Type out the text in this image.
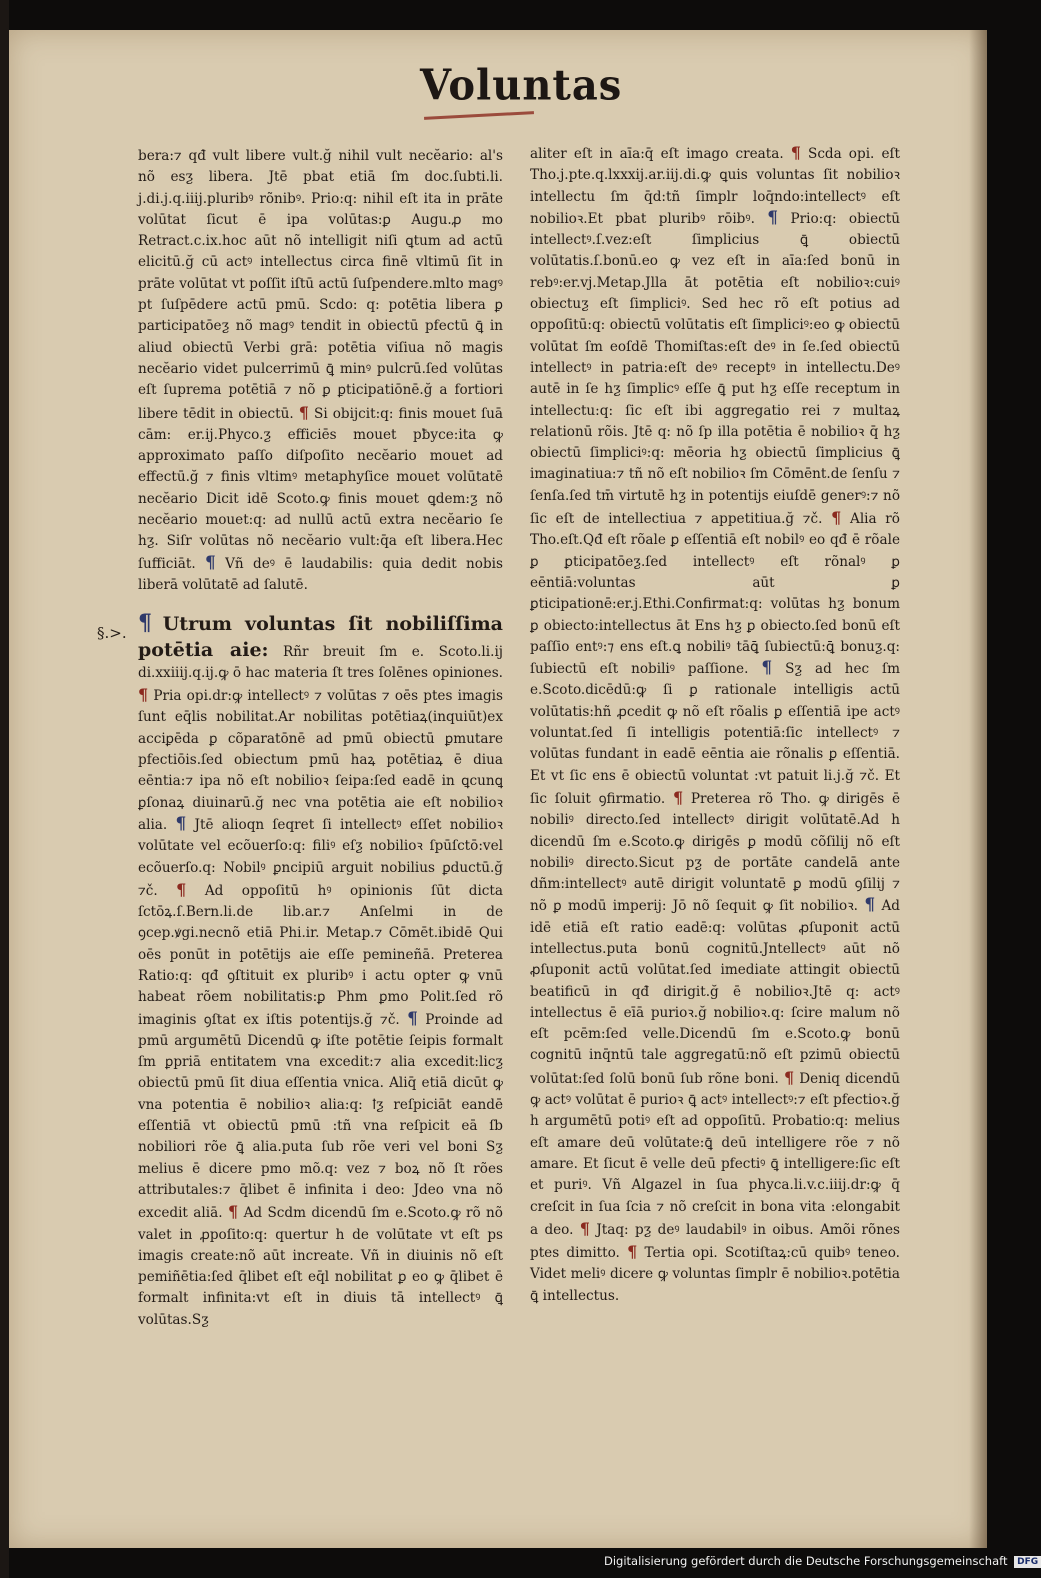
Voluntas
§.>.

bera:⁊ qđ vult libere vult.ğ nihil vult necĕario: al's nõ esƺ libera. Jtē pbat etiā ſm doc.ſubti.li. j.di.j.q.iiij.pluribꝰ rõnibꝰ. Prio:q: nihil eſt ita in prāte volūtat ſicut ē ipa volūtas:ꝑ Augu.ꝓ mo Retract.c.ix.hoc aūt nõ intelligit niſi ꝗtum ad actū elicitū.ğ cū actꝰ intellectus circa finē vltimū ſit in prāte volūtat vt poſſit iſtū actū ſuſpendere.mlto magꝰ pt ſuſpēdere actū pmū. Scdo: q: potētia libera ꝑ participatōeƺ nõ magꝰ tendit in obiectū pfectū ꝗ̄ in aliud obiectū Verbi grā: potētia viſiua nõ magis necĕario videt pulcerrimū ꝗ̄ minꝰ pulcrū.ſed volūtas eſt ſuprema potētiā ⁊ nõ ꝑ ꝑticipatiōnē.ğ a fortiori libere tēdit in obiectū. ¶ Si obijcit:q: finis mouet ſuā cām: er.ij.Phyco.ƺ efficiēs mouet pƀyce:ita ꝙ approximato paſſo diſpoſito necĕario mouet ad effectū.ğ ⁊ finis vltimꝰ metaphyſice mouet volūtatē necĕario Dicit idē Scoto.ꝙ finis mouet ꝗdem:ƺ nõ necĕario mouet:q: ad nullū actū extra necĕario ſe hƺ. Siſr volūtas nõ necĕario vult:q̄a eſt libera.Hec ſufficiāt. ¶ Vñ deꝰ ē laudabilis: quia dedit nobis liberā volūtatē ad ſalutē.

¶ Utrum voluntas ſit nobiliſſima potētia aie: Rñr breuit ſm e. Scoto.li.ij di.xxiiij.q.ij.ꝙ ō hac materia ſt tres ſolēnes opiniones. ¶ Pria opi.dr:ꝙ intellectꝰ ⁊ volūtas ⁊ oēs ptes imagis ſunt eq̄lis nobilitat.Ar nobilitas potētiaꝝ(inquiūt)ex acciꝑēda ꝑ cõparatōnē ad pmū obiectū ꝑmutare pfectiōis.ſed obiectum pmū haꝝ potētiaꝝ ē diua eēntia:⁊ ipa nõ eſt nobilioꝛ ſeipa:ſed eadē in ꝗcunꝗ ꝑſonaꝝ diuinarū.ğ nec vna potētia aie eſt nobilioꝛ alia. ¶ Jtē alioqn ſeqret ſi intellectꝰ eſſet nobilioꝛ volūtate vel ecõuerſo:q: filiꝰ eſƺ nobilioꝛ ſpūſctō:vel ecõuerſo.q: Nobilꝰ ꝑncipiū arguit nobilius ꝑductū.ğ ⁊č. ¶ Ad oppoſitū hꝰ opinionis ſūt dicta ſctōꝝ.ſ.Bern.li.de lib.ar.⁊ Anſelmi in de ꝯcep.ꝟgi.necnõ etiā Phi.ir. Metap.⁊ Cōmēt.ibidē Qui oēs ponūt in potētijs aie eſſe pemineñā. Preterea Ratio:q: qđ ꝯſtituit ex pluribꝰ i actu opter ꝙ vnū habeat rõem nobilitatis:ꝑ Phm ꝑmo Polit.ſed rõ imaginis ꝯſtat ex iſtis potentijs.ğ ⁊č. ¶ Proinde ad pmū argumētū Dicendū ꝙ iſte potētie ſeipis formalt ſm ꝑpriā entitatem vna excedit:⁊ alia excedit:licƺ obiectū pmū ſit diua eſſentia vnica. Aliq̄ etiā dicūt ꝙ vna potentia ē nobilioꝛ alia:q: ꝉƺ reſpiciāt eandē eſſentiā vt obiectū pmū :tñ vna reſpicit eā ſb nobiliori rõe ꝗ̄ alia.puta ſub rõe veri vel boni Sƺ melius ē dicere pmo mõ.q: vez ⁊ boꝝ nõ ſt rões attributales:⁊ q̄libet ē infinita i deo: Jdeo vna nõ excedit aliā. ¶ Ad Scdm dicendū ſm e.Scoto.ꝙ rõ nõ valet in ꝓpoſito:q: quertur h de volūtate vt eſt ps imagis create:nõ aūt increate. Vñ in diuinis nõ eſt pemiñētia:ſed q̄libet eſt eq̄l nobilitat ꝑ eo ꝙ q̄libet ē formalt infinita:vt eſt in diuis tā intellectꝰ ꝗ̄ volūtas.Sƺ

aliter eſt in aīa:q̄ eſt imago creata. ¶ Scda opi. eſt Tho.j.pte.q.lxxxij.ar.iij.di.ꝙ ꝗuis voluntas ſit nobilioꝛ intellectu ſm q̄d:tñ ſimplr loq̄ndo:intellectꝰ eſt nobilioꝛ.Et pbat pluribꝰ rōibꝰ. ¶ Prio:q: obiectū intellectꝰ.ſ.vez:eſt ſimplicius ꝗ̄ obiectū volūtatis.ſ.bonū.eo ꝙ vez eſt in aīa:ſed bonū in rebꝰ:er.vj.Metap.Jlla āt potētia eſt nobilioꝛ:cuiꝰ obiectuƺ eſt ſimpliciꝰ. Sed hec rõ eſt potius ad oppoſitū:q: obiectū volūtatis eſt ſimpliciꝰ:eo ꝙ obiectū volūtat ſm eoſdē Thomiſtas:eſt deꝰ in ſe.ſed obiectū intellectꝰ in patria:eſt deꝰ receptꝰ in intellectu.Deꝰ autē in ſe hƺ ſimplicꝰ eſſe ꝗ̄ put hƺ eſſe receptum in intellectu:q: ſic eſt ibi aggregatio rei ⁊ multaꝝ relationū rõis. Jtē q: nõ ſp illa potētia ē nobilioꝛ q̄ hƺ obiectū ſimpliciꝰ:q: mēoria hƺ obiectū ſimplicius ꝗ̄ imaginatiua:⁊ tñ nõ eſt nobilioꝛ ſm Cōmēnt.de ſenſu ⁊ ſenſa.ſed tm̄ virtutē hƺ in potentijs eiuſdē generꝰ:⁊ nõ ſic eſt de intellectiua ⁊ appetitiua.ğ ⁊č. ¶ Alia rõ Tho.eſt.Qđ eſt rõale ꝑ eſſentiā eſt nobilꝰ eo qđ ē rõale ꝑ ꝑticipatōeƺ.ſed intellectꝰ eſt rõnalꝰ ꝑ eēntiā:voluntas aūt ꝑ ꝑticipationē:er.j.Ethi.Confirmat:q: volūtas hƺ bonum ꝑ obiecto:intellectus āt Ens hƺ ꝑ obiecto.ſed bonū eſt paſſio entꝰ:⁊ ens eſt.ꝗ nobiliꝰ tāꝗ̄ ſubiectū:ꝗ̄ bonuƺ.q: ſubiectū eſt nobiliꝰ paſſione. ¶ Sƺ ad hec ſm e.Scoto.dicēdū:ꝙ ſi ꝑ rationale intelligis actū volūtatis:hñ ꝓcedit ꝙ nõ eſt rõalis ꝑ eſſentiā ipe actꝰ voluntat.ſed ſi intelligis potentiā:ſic intellectꝰ ⁊ volūtas fundant in eadē eēntia aie rõnalis ꝑ eſſentiā. Et vt ſic ens ē obiectū voluntat :vt patuit li.j.ğ ⁊č. Et ſic ſoluit ꝯfirmatio. ¶ Preterea rõ Tho. ꝙ dirigēs ē nobiliꝰ directo.ſed intellectꝰ dirigit volūtatē.Ad h dicendū ſm e.Scoto.ꝙ dirigēs ꝑ modū cõſilij nõ eſt nobiliꝰ directo.Sicut pƺ de portāte candelā ante dñm:intellectꝰ autē dirigit voluntatē ꝑ modū ꝯſilij ⁊ nõ ꝑ modū imperij: Jō nõ ſequit ꝙ ſit nobilioꝛ. ¶ Ad idē etiā eſt ratio eadē:q: volūtas ꝓſuponit actū intellectus.puta bonū cognitū.Jntellectꝰ aūt nõ ꝓſuponit actū volūtat.ſed imediate attingit obiectū beatificū in qđ dirigit.ğ ē nobilioꝛ.Jtē q: actꝰ intellectus ē eīā purioꝛ.ğ nobilioꝛ.q: ſcire malum nõ eſt pcēm:ſed velle.Dicendū ſm e.Scoto.ꝙ bonū cognitū inq̄ntū tale aggregatū:nõ eſt pzimū obiectū volūtat:ſed ſolū bonū ſub rõne boni. ¶ Deniq dicendū ꝙ actꝰ volūtat ē purioꝛ ꝗ̄ actꝰ intellectꝰ:⁊ eſt pfectioꝛ.ğ h argumētū potiꝰ eſt ad oppoſitū. Probatio:q: melius eſt amare deū volūtate:ꝗ̄ deū intelligere rõe ⁊ nõ amare. Et ſicut ē velle deū pfectiꝰ ꝗ̄ intelligere:ſic eſt et puriꝰ. Vñ Algazel in ſua phyca.li.v.c.iiij.dr:ꝙ q̄ creſcit in ſua ſcia ⁊ nõ creſcit in bona vita :elongabit a deo. ¶ Jtaq: pƺ deꝰ laudabilꝰ in oibus. Amõi rõnes ptes dimitto. ¶ Tertia opi. Scotiſtaꝝ:cū quibꝰ teneo. Videt meliꝰ dicere ꝙ voluntas ſimplr ē nobilioꝛ.potētia ꝗ̄ intellectus.

Digitalisierung gefördert durch die Deutsche Forschungsgemeinschaft DFG
